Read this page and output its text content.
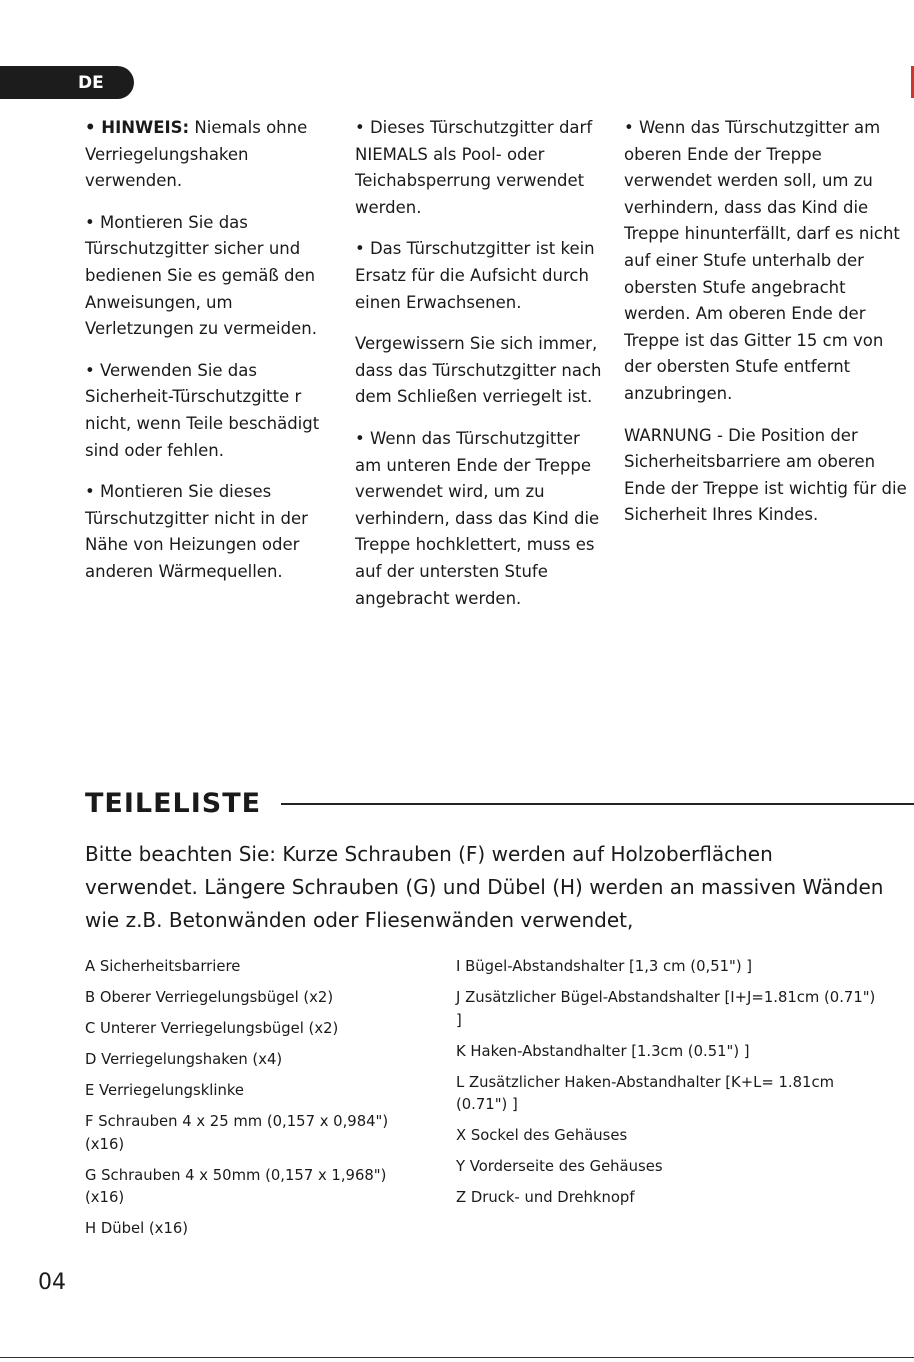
DE

• HINWEIS: Niemals ohne Verriegelungshaken verwenden.

• Montieren Sie das Türschutzgitter sicher und bedienen Sie es gemäß den Anweisungen, um Verletzungen zu vermeiden.

• Verwenden Sie das Sicherheit-Türschutzgitte r nicht, wenn Teile beschädigt sind oder fehlen.

• Montieren Sie dieses Türschutzgitter nicht in der Nähe von Heizungen oder anderen Wärmequellen.

• Dieses Türschutzgitter darf NIEMALS als Pool- oder Teichabsperrung verwendet werden.

• Das Türschutzgitter ist kein Ersatz für die Aufsicht durch einen Erwachsenen.

Vergewissern Sie sich immer, dass das Türschutzgitter nach dem Schließen verriegelt ist.

• Wenn das Türschutzgitter am unteren Ende der Treppe verwendet wird, um zu verhindern, dass das Kind die Treppe hochklettert, muss es auf der untersten Stufe angebracht werden.

• Wenn das Türschutzgitter am oberen Ende der Treppe verwendet werden soll, um zu verhindern, dass das Kind die Treppe hinunterfällt, darf es nicht auf einer Stufe unterhalb der obersten Stufe angebracht werden. Am oberen Ende der Treppe ist das Gitter 15 cm von der obersten Stufe entfernt anzubringen.

WARNUNG - Die Position der Sicherheitsbarriere am oberen Ende der Treppe ist wichtig für die Sicherheit Ihres Kindes.

TEILELISTE

Bitte beachten Sie: Kurze Schrauben (F) werden auf Holzoberflächen verwendet. Längere Schrauben (G) und Dübel (H) werden an massiven Wänden wie z.B. Betonwänden oder Fliesenwänden verwendet,

A Sicherheitsbarriere
B Oberer Verriegelungsbügel (x2)
C Unterer Verriegelungsbügel (x2)
D Verriegelungshaken (x4)
E Verriegelungsklinke
F Schrauben 4 x 25 mm (0,157 x 0,984") (x16)
G Schrauben 4 x 50mm (0,157 x 1,968") (x16)
H Dübel (x16)
I Bügel-Abstandshalter [1,3 cm (0,51") ]
J Zusätzlicher Bügel-Abstandshalter [I+J=1.81cm (0.71") ]
K Haken-Abstandhalter [1.3cm (0.51") ]
L Zusätzlicher Haken-Abstandhalter [K+L= 1.81cm (0.71") ]
X Sockel des Gehäuses
Y Vorderseite des Gehäuses
Z Druck- und Drehknopf
04
